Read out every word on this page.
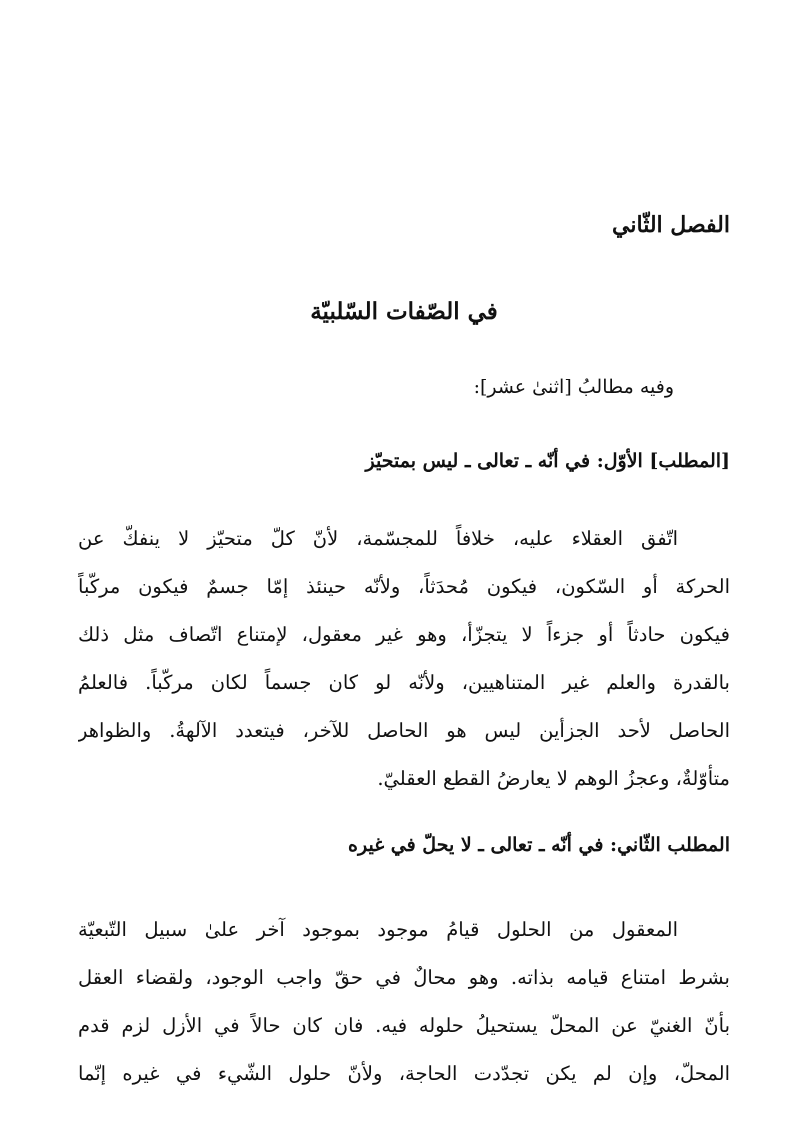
الفصل الثّاني
في الصّفات السّلبيّة

وفيه مطالبُ [اثنىٰ عشر]:

[المطلب] الأوّل: في أنّه ـ تعالى ـ ليس بمتحيّز
اتّفق العقلاء عليه، خلافاً للمجسّمة، لأنّ كلّ متحيّز لا ينفكّ عن
الحركة أو السّكون، فيكون مُحدَثاً، ولأنّه حينئذ إمّا جسمٌ فيكون مركّباً
فيكون حادثاً أو جزءاً لا يتجزّأ، وهو غير معقول، لإمتناع اتّصاف مثل ذلك
بالقدرة والعلم غير المتناهيين، ولأنّه لو كان جسماً لكان مركّباً. فالعلمُ
الحاصل لأحد الجزأين ليس هو الحاصل للآخر، فيتعدد الآلهةُ. والظواهر
متأوّلةٌ، وعجزُ الوهم لا يعارضُ القطع العقليّ.
المطلب الثّاني: في أنّه ـ تعالى ـ لا يحلّ في غيره
المعقول من الحلول قيامُ موجود بموجود آخر علىٰ سبيل التّبعيّة
بشرط امتناع قيامه بذاته. وهو محالٌ في حقّ واجب الوجود، ولقضاء العقل
بأنّ الغنيّ عن المحلّ يستحيلُ حلوله فيه. فان كان حالاً في الأزل لزم قدم
المحلّ، وإن لم يكن تجدّدت الحاجة، ولأنّ حلول الشّيء في غيره إنّما
